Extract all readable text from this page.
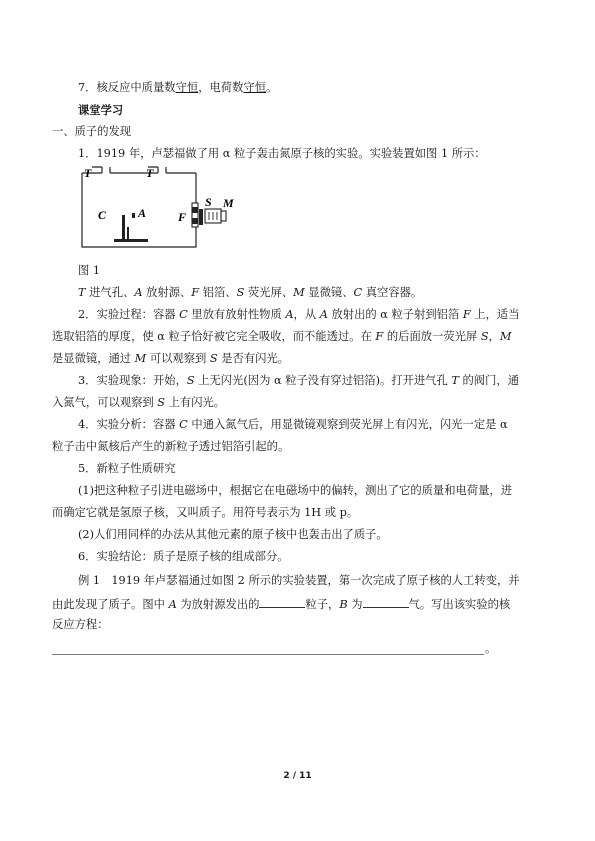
7．核反应中质量数守恒，电荷数守恒。
课堂学习
一、质子的发现
1．1919 年，卢瑟福做了用 α 粒子轰击氮原子核的实验。实验装置如图 1 所示：
T	T
C	A	F
S M
图 1
T 进气孔、A 放射源、F 铝箔、S 荧光屏、M 显微镜、C 真空容器。
2．实验过程：容器 C 里放有放射性物质 A，从 A 放射出的 α 粒子射到铝箔 F 上，适当
选取铝箔的厚度，使 α 粒子恰好被它完全吸收，而不能透过。在 F 的后面放一荧光屏 S，M
是显微镜，通过 M 可以观察到 S 是否有闪光。
3．实验现象：开始，S 上无闪光(因为 α 粒子没有穿过铝箔)。打开进气孔 T 的阀门，通
入氮气，可以观察到 S 上有闪光。
4．实验分析：容器 C 中通入氮气后，用显微镜观察到荧光屏上有闪光，闪光一定是 α
粒子击中氮核后产生的新粒子透过铝箔引起的。
5．新粒子性质研究
(1)把这种粒子引进电磁场中，根据它在电磁场中的偏转，测出了它的质量和电荷量，进
而确定它就是氢原子核，又叫质子。用符号表示为 1H 或 p。
(2)人们用同样的办法从其他元素的原子核中也轰击出了质子。
6．实验结论：质子是原子核的组成部分。
例 1　1919 年卢瑟福通过如图 2 所示的实验装置，第一次完成了原子核的人工转变，并
由此发现了质子。图中 A 为放射源发出的	粒子，B 为	气。写出该实验的核
反应方程：
。
2 / 11
